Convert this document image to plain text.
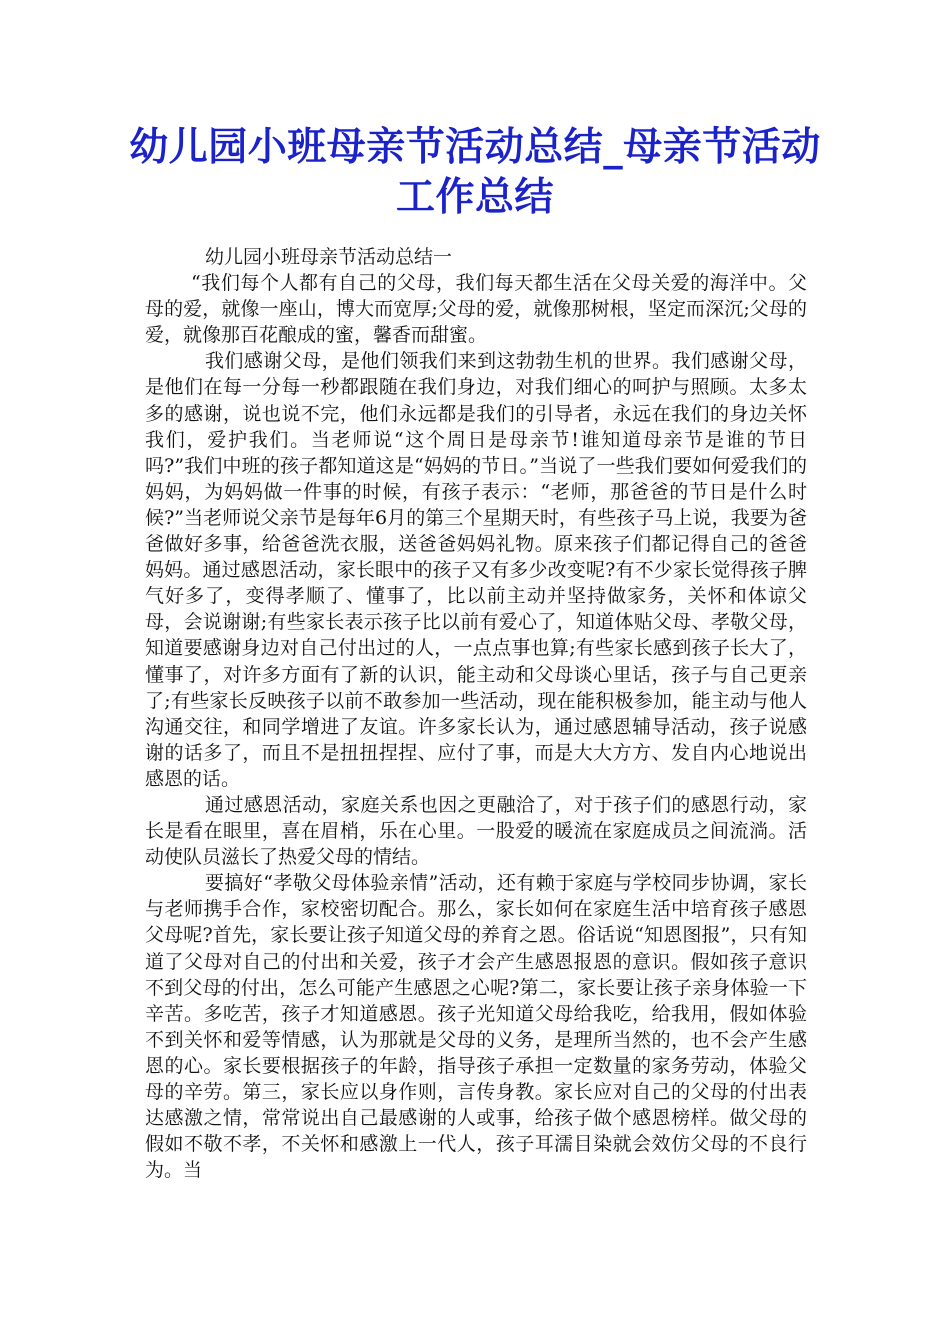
幼儿园小班母亲节活动总结_母亲节活动工作总结

幼儿园小班母亲节活动总结一

“我们每个人都有自己的父母，我们每天都生活在父母关爱的海洋中。父母的爱，就像一座山，博大而宽厚;父母的爱，就像那树根，坚定而深沉;父母的爱，就像那百花酿成的蜜，馨香而甜蜜。

我们感谢父母，是他们领我们来到这勃勃生机的世界。我们感谢父母，是他们在每一分每一秒都跟随在我们身边，对我们细心的呵护与照顾。太多太多的感谢，说也说不完，他们永远都是我们的引导者，永远在我们的身边关怀我们，爱护我们。当老师说“这个周日是母亲节!谁知道母亲节是谁的节日吗?”我们中班的孩子都知道这是“妈妈的节日。”当说了一些我们要如何爱我们的妈妈，为妈妈做一件事的时候，有孩子表示：“老师，那爸爸的节日是什么时候?”当老师说父亲节是每年6月的第三个星期天时，有些孩子马上说，我要为爸爸做好多事，给爸爸洗衣服，送爸爸妈妈礼物。原来孩子们都记得自己的爸爸妈妈。通过感恩活动，家长眼中的孩子又有多少改变呢?有不少家长觉得孩子脾气好多了，变得孝顺了、懂事了，比以前主动并坚持做家务，关怀和体谅父母，会说谢谢;有些家长表示孩子比以前有爱心了，知道体贴父母、孝敬父母，知道要感谢身边对自己付出过的人，一点点事也算;有些家长感到孩子长大了，懂事了，对许多方面有了新的认识，能主动和父母谈心里话，孩子与自己更亲了;有些家长反映孩子以前不敢参加一些活动，现在能积极参加，能主动与他人沟通交往，和同学增进了友谊。许多家长认为，通过感恩辅导活动，孩子说感谢的话多了，而且不是扭扭捏捏、应付了事，而是大大方方、发自内心地说出感恩的话。

通过感恩活动，家庭关系也因之更融洽了，对于孩子们的感恩行动，家长是看在眼里，喜在眉梢，乐在心里。一股爱的暖流在家庭成员之间流淌。活动使队员滋长了热爱父母的情结。

要搞好“孝敬父母体验亲情”活动，还有赖于家庭与学校同步协调，家长与老师携手合作，家校密切配合。那么，家长如何在家庭生活中培育孩子感恩父母呢?首先，家长要让孩子知道父母的养育之恩。俗话说“知恩图报”，只有知道了父母对自己的付出和关爱，孩子才会产生感恩报恩的意识。假如孩子意识不到父母的付出，怎么可能产生感恩之心呢?第二，家长要让孩子亲身体验一下辛苦。多吃苦，孩子才知道感恩。孩子光知道父母给我吃，给我用，假如体验不到关怀和爱等情感，认为那就是父母的义务，是理所当然的，也不会产生感恩的心。家长要根据孩子的年龄，指导孩子承担一定数量的家务劳动，体验父母的辛劳。第三，家长应以身作则，言传身教。家长应对自己的父母的付出表达感激之情，常常说出自己最感谢的人或事，给孩子做个感恩榜样。做父母的假如不敬不孝，不关怀和感激上一代人，孩子耳濡目染就会效仿父母的不良行为。当
